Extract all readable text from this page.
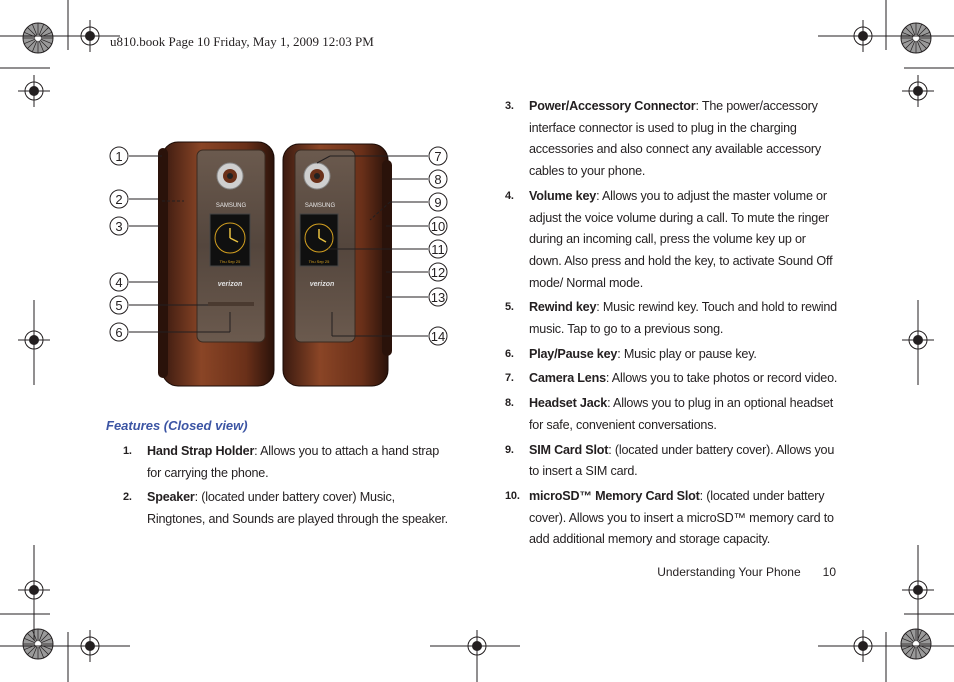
u810.book Page 10 Friday, May 1, 2009 12:03 PM
SAMSUNG
Thu Sep 25
verizon
SAMSUNG
Thu Sep 25
verizon
1
2
3
4
5
6
7
8
9
10
11
12
13
14
Features (Closed view)
1.	Hand Strap Holder: Allows you to attach a hand strap for carrying the phone.
2.	Speaker: (located under battery cover) Music, Ringtones, and Sounds are played through the speaker.
3.	Power/Accessory Connector: The power/accessory interface connector is used to plug in the charging accessories and also connect any available accessory cables to your phone.
4.	Volume key: Allows you to adjust the master volume or adjust the voice volume during a call. To mute the ringer during an incoming call, press the volume key up or down. Also press and hold the key, to activate Sound Off mode/ Normal mode.
5.	Rewind key: Music rewind key. Touch and hold to rewind music. Tap to go to a previous song.
6.	Play/Pause key: Music play or pause key.
7.	Camera Lens: Allows you to take photos or record video.
8.	Headset Jack: Allows you to plug in an optional headset for safe, convenient conversations.
9.	SIM Card Slot: (located under battery cover). Allows you to insert a SIM card.
10. microSD™ Memory Card Slot: (located under battery cover). Allows you to insert a microSD™ memory card to add additional memory and storage capacity.
Understanding Your Phone 10
